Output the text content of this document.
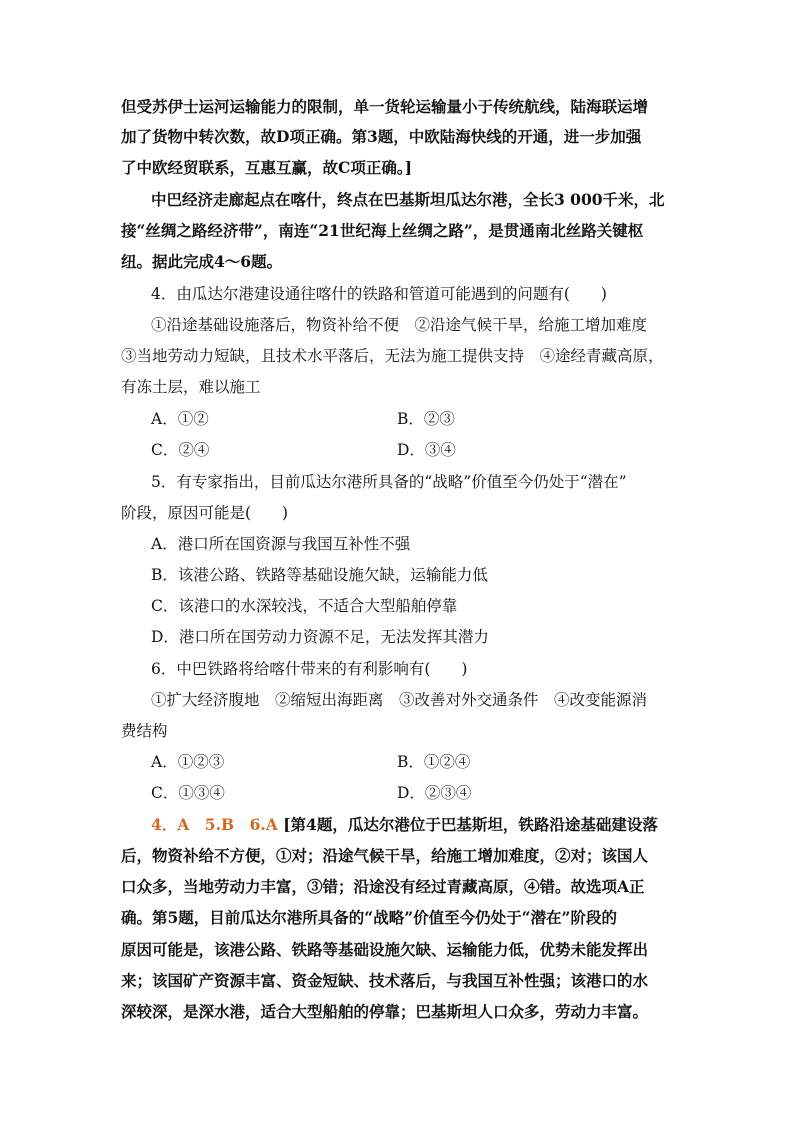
但受苏伊士运河运输能力的限制，单一货轮运输量小于传统航线，陆海联运增
加了货物中转次数，故D项正确。第3题，中欧陆海快线的开通，进一步加强
了中欧经贸联系，互惠互赢，故C项正确。]
中巴经济走廊起点在喀什，终点在巴基斯坦瓜达尔港，全长3 000千米，北
接“丝绸之路经济带”，南连“21世纪海上丝绸之路”，是贯通南北丝路关键枢
纽。据此完成4～6题。
4．由瓜达尔港建设通往喀什的铁路和管道可能遇到的问题有(　　)
①沿途基础设施落后，物资补给不便　②沿途气候干旱，给施工增加难度
③当地劳动力短缺，且技术水平落后，无法为施工提供支持　④途经青藏高原，
有冻土层，难以施工
A．①②	B．②③
C．②④	D．③④
5．有专家指出，目前瓜达尔港所具备的“战略”价值至今仍处于“潜在”
阶段，原因可能是(　　)
A．港口所在国资源与我国互补性不强
B．该港公路、铁路等基础设施欠缺，运输能力低
C．该港口的水深较浅，不适合大型船舶停靠
D．港口所在国劳动力资源不足，无法发挥其潜力
6．中巴铁路将给喀什带来的有利影响有(　　)
①扩大经济腹地　②缩短出海距离　③改善对外交通条件　④改变能源消
费结构
A．①②③	B．①②④
C．①③④	D．②③④
4．A　5.B　6.A [第4题，瓜达尔港位于巴基斯坦，铁路沿途基础建设落
后，物资补给不方便，①对；沿途气候干旱，给施工增加难度，②对；该国人
口众多，当地劳动力丰富，③错；沿途没有经过青藏高原，④错。故选项A正
确。第5题，目前瓜达尔港所具备的“战略”价值至今仍处于“潜在”阶段的
原因可能是，该港公路、铁路等基础设施欠缺、运输能力低，优势未能发挥出
来；该国矿产资源丰富、资金短缺、技术落后，与我国互补性强；该港口的水
深较深，是深水港，适合大型船舶的停靠；巴基斯坦人口众多，劳动力丰富。
